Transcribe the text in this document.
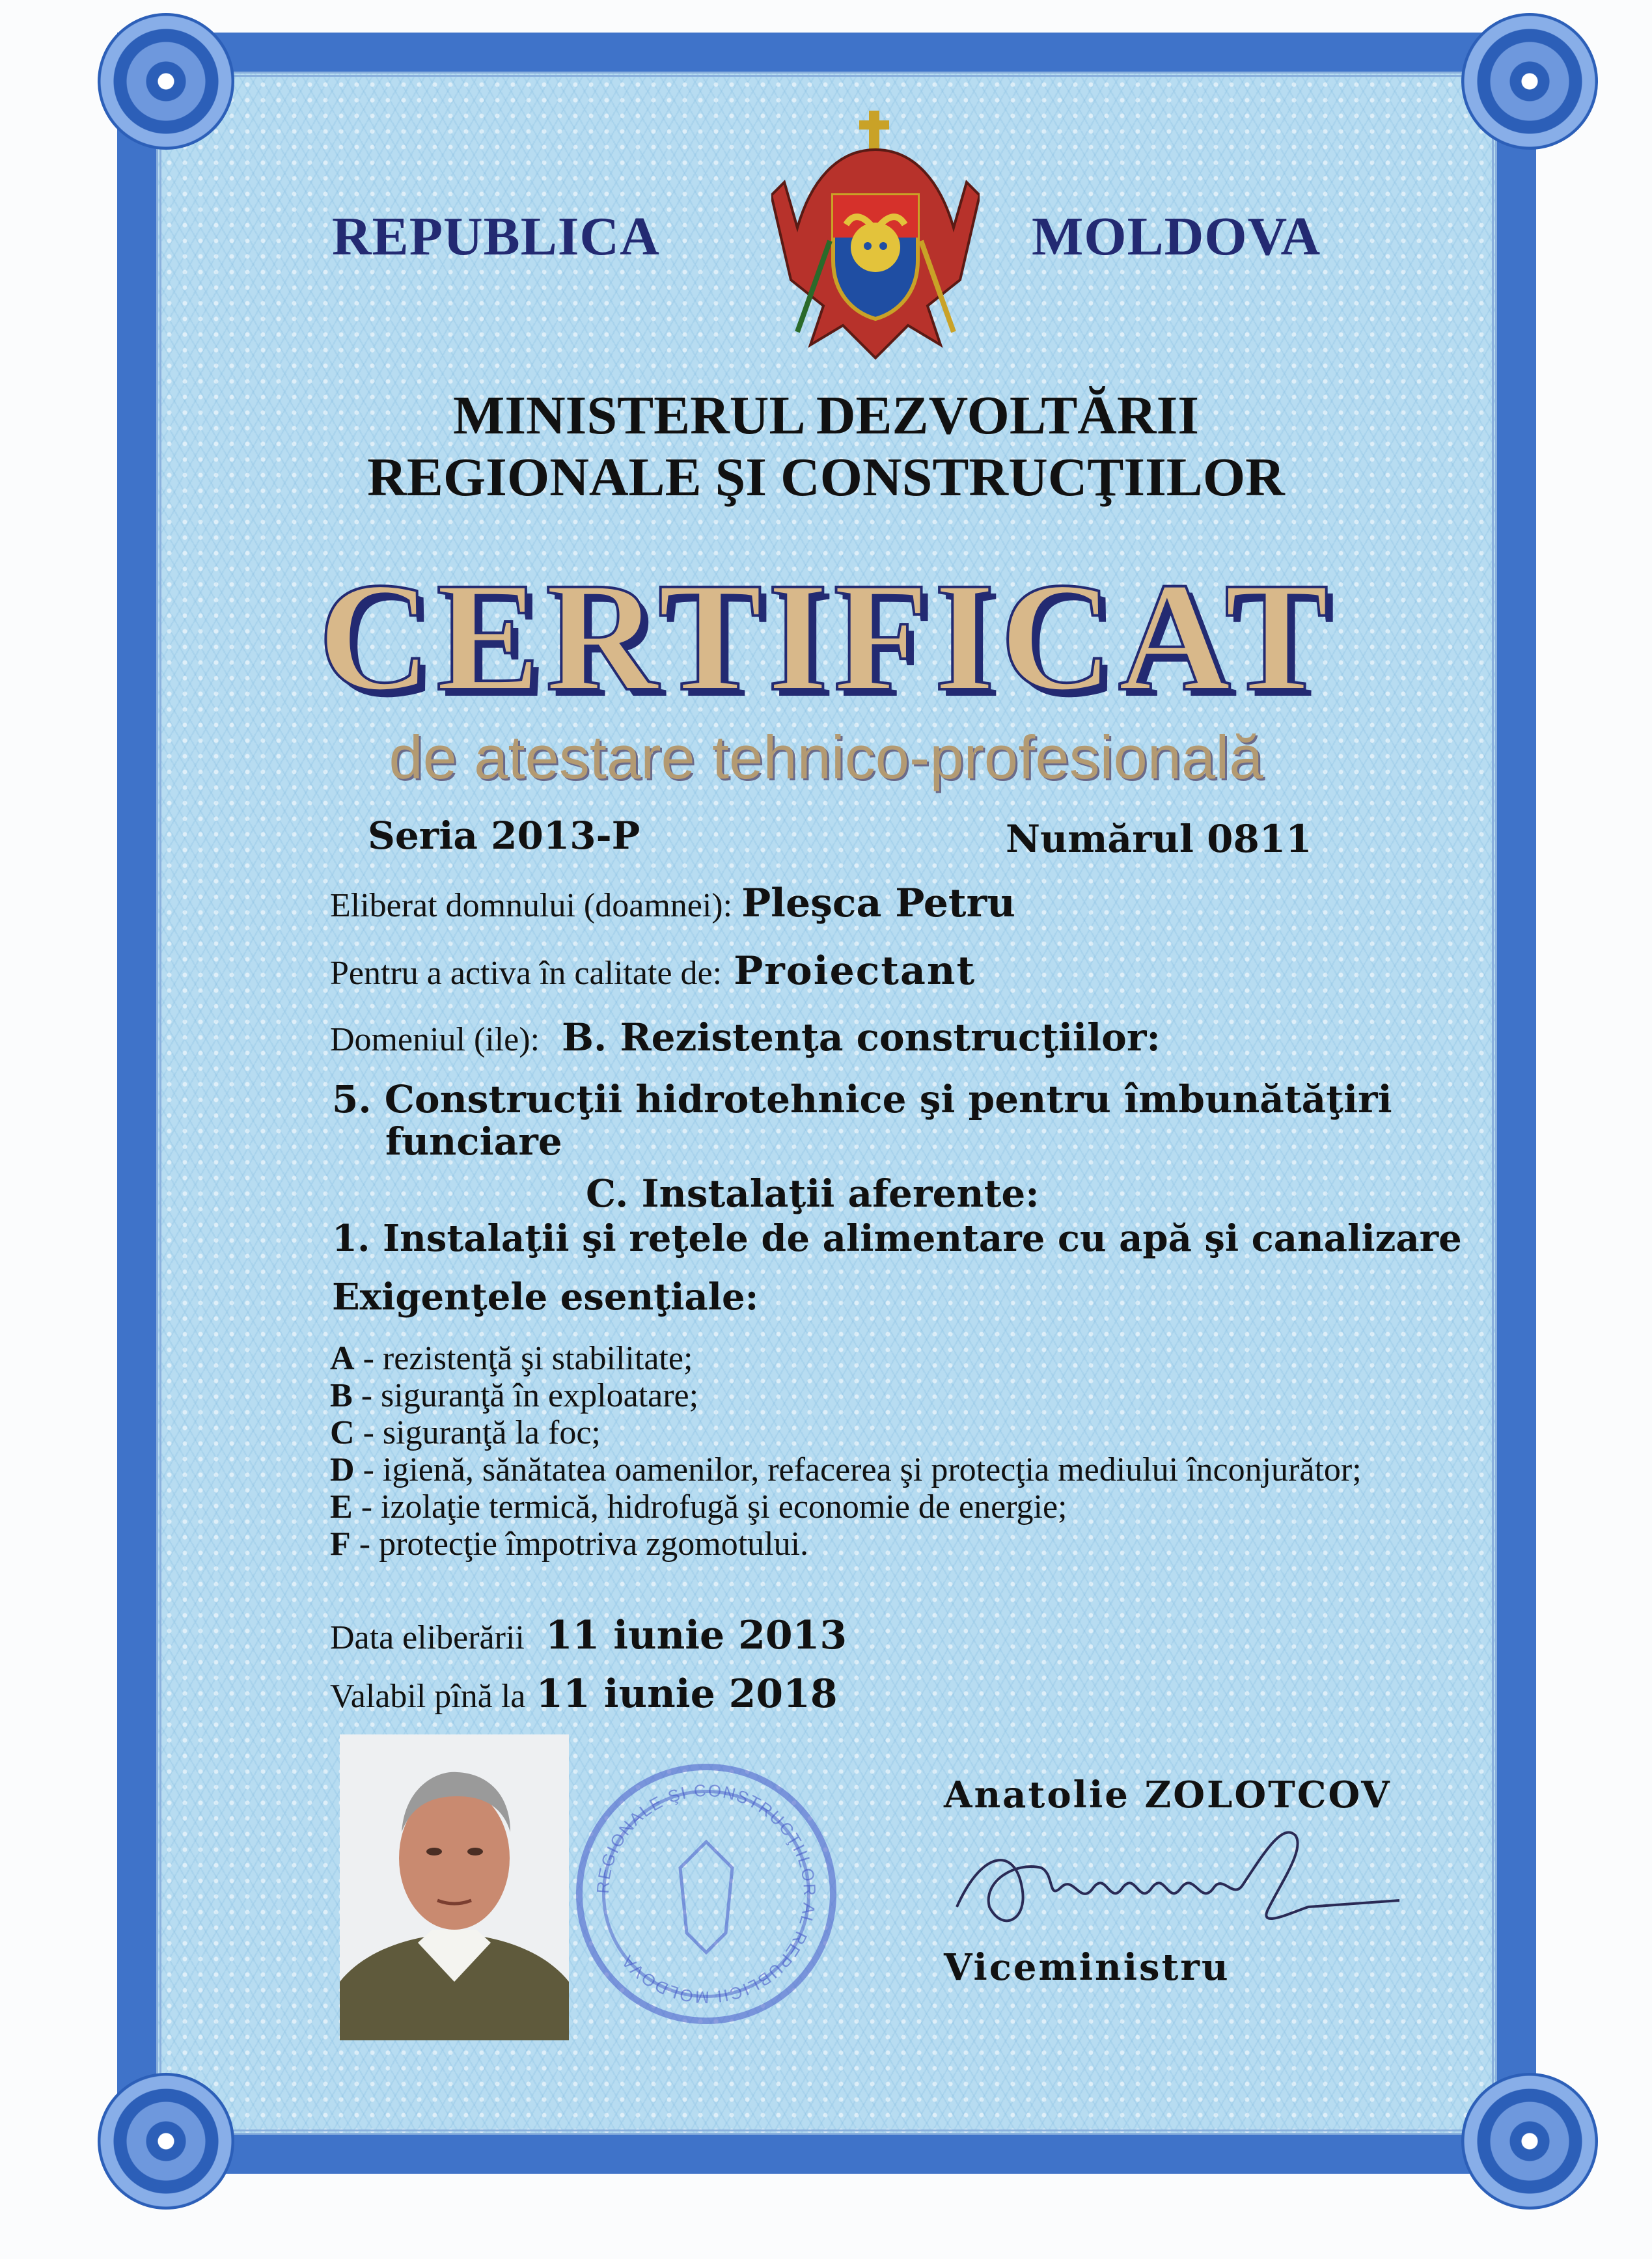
REPUBLICA	MOLDOVA
MINISTERUL DEZVOLTĂRII
REGIONALE ŞI CONSTRUCŢIILOR
CERTIFICAT
de atestare tehnico-profesională
Seria 2013-P	Numărul 0811
Eliberat domnului (doamnei): Pleşca Petru
Pentru a activa în calitate de: Proiectant
Domeniul (ile): B. Rezistenţa construcţiilor:
5. Construcţii hidrotehnice şi pentru îmbunătăţiri
funciare
C. Instalaţii aferente:
1. Instalaţii şi reţele de alimentare cu apă şi canalizare
Exigenţele esenţiale:
A - rezistenţă şi stabilitate;
B - siguranţă în exploatare;
C - siguranţă la foc;
D - igienă, sănătatea oamenilor, refacerea şi protecţia mediului înconjurător;
E - izolaţie termică, hidrofugă şi economie de energie;
F - protecţie împotriva zgomotului.
Data eliberării 11 iunie 2013
Valabil pînă la 11 iunie 2018
REGIONALE ŞI CONSTRUCŢIILOR AL REPUBLICII MOLDOVA
Anatolie ZOLOTCOV
Viceministru
